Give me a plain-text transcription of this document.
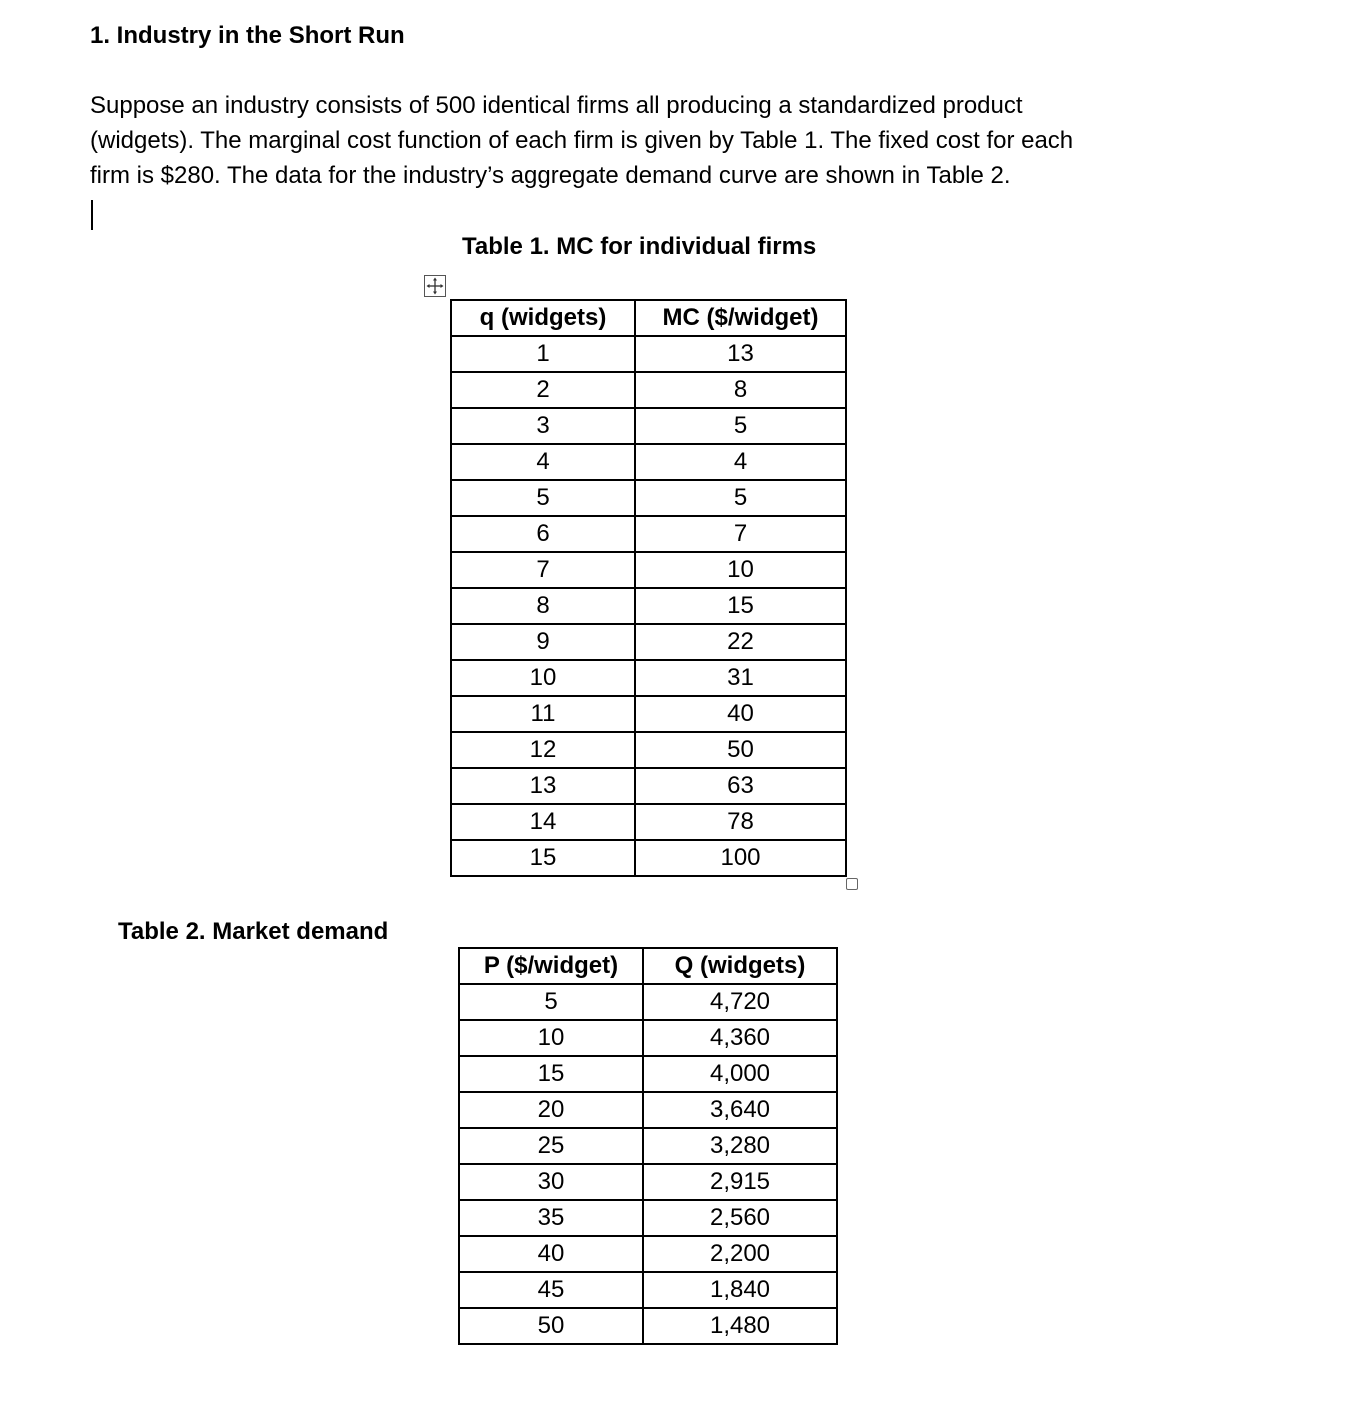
1. Industry in the Short Run

Suppose an industry consists of 500 identical firms all producing a standardized product
(widgets). The marginal cost function of each firm is given by Table 1. The fixed cost for each
firm is $280. The data for the industry’s aggregate demand curve are shown in Table 2.

Table 1. MC for individual firms
q (widgets)	MC ($/widget)
1	13
2	8
3	5
4	4
5	5
6	7
7	10
8	15
9	22
10	31
11	40
12	50
13	63
14	78
15	100
Table 2. Market demand
P ($/widget)	Q (widgets)
5	4,720
10	4,360
15	4,000
20	3,640
25	3,280
30	2,915
35	2,560
40	2,200
45	1,840
50	1,480
